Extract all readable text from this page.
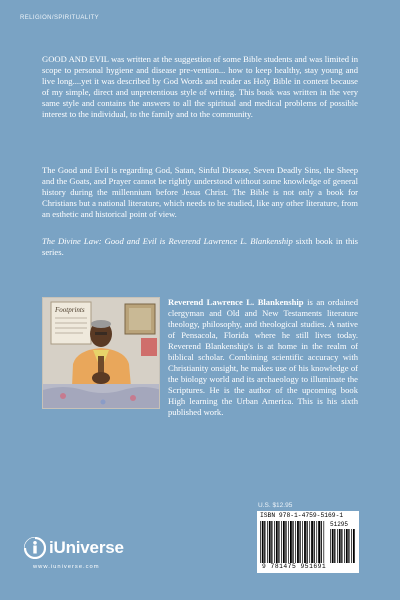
RELIGION/SPIRITUALITY

GOOD AND EVIL was written at the suggestion of some Bible students and was limited in scope to personal hygiene and disease pre-vention... how to keep healthy, stay young and live long....yet it was described by God Words and reader as Holy Bible in content because of my simple, direct and unpretentious style of writing. This book was written in the very same style and contains the answers to all the spiritual and medical problems of possible interest to the individual, to the family and to the community.

The Good and Evil is regarding God, Satan, Sinful Disease, Seven Deadly Sins, the Sheep and the Goats, and Prayer cannot be rightly understood without some knowledge of general history during the millennium before Jesus Christ. The Bible is not only a book for Christians but a national literature, which needs to be studied, like any other literature, from an esthetic and historical point of view.

The Divine Law: Good and Evil is Reverend Lawrence L. Blankenship sixth book in this series.

Footprints

Reverend Lawrence L. Blankenship is an ordained clergyman and Old and New Testaments literature theology, philosophy, and theological studies. A native of Pensacola, Florida where he still lives today. Reverend Blankenship's is at home in the realm of biblical scholar. Combining scientific accuracy with Christianity onsight, he makes use of his knowledge of the biology world and its archaeology to illuminate the Scriptures. He is the author of the upcoming book High learning the Urban America. This is his sixth published work.

U.S. $12.95
ISBN 978-1-4759-5169-1
51295
9 781475 951691
iUniverse
www.iuniverse.com
